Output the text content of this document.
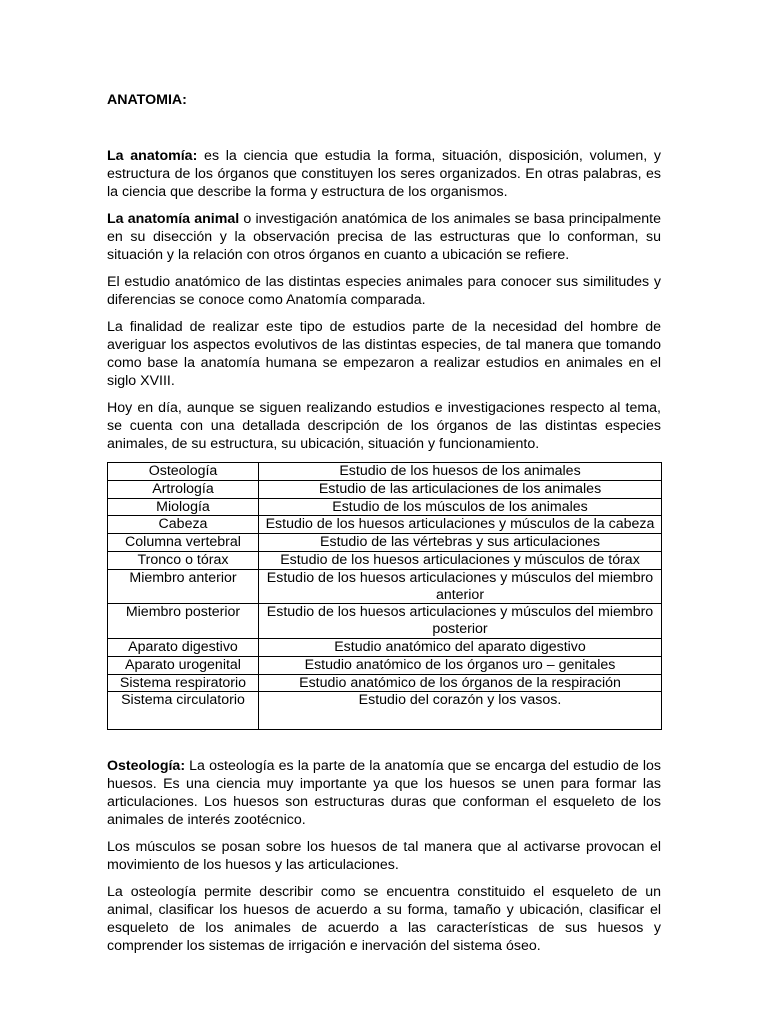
ANATOMIA:

La anatomía: es la ciencia que estudia la forma, situación, disposición, volumen, y estructura de los órganos que constituyen los seres organizados. En otras palabras, es la ciencia que describe la forma y estructura de los organismos.

La anatomía animal o investigación anatómica de los animales se basa principalmente en su disección y la observación precisa de las estructuras que lo conforman, su situación y la relación con otros órganos en cuanto a ubicación se refiere.

El estudio anatómico de las distintas especies animales para conocer sus similitudes y diferencias se conoce como Anatomía comparada.

La finalidad de realizar este tipo de estudios parte de la necesidad del hombre de averiguar los aspectos evolutivos de las distintas especies, de tal manera que tomando como base la anatomía humana se empezaron a realizar estudios en animales en el siglo XVIII.

Hoy en día, aunque se siguen realizando estudios e investigaciones respecto al tema, se cuenta con una detallada descripción de los órganos de las distintas especies animales, de su estructura, su ubicación, situación y funcionamiento.

Osteología	Estudio de los huesos de los animales
Artrología	Estudio de las articulaciones de los animales
Miología	Estudio de los músculos de los animales
Cabeza	Estudio de los huesos articulaciones y músculos de la cabeza
Columna vertebral	Estudio de las vértebras y sus articulaciones
Tronco o tórax	Estudio de los huesos articulaciones y músculos de tórax
Miembro anterior	Estudio de los huesos articulaciones y músculos del miembro anterior
Miembro posterior	Estudio de los huesos articulaciones y músculos del miembro posterior
Aparato digestivo	Estudio anatómico del aparato digestivo
Aparato urogenital	Estudio anatómico de los órganos uro – genitales
Sistema respiratorio	Estudio anatómico de los órganos de la respiración
Sistema circulatorio	Estudio del corazón y los vasos.

Osteología: La osteología es la parte de la anatomía que se encarga del estudio de los huesos. Es una ciencia muy importante ya que los huesos se unen para formar las articulaciones. Los huesos son estructuras duras que conforman el esqueleto de los animales de interés zootécnico.

Los músculos se posan sobre los huesos de tal manera que al activarse provocan el movimiento de los huesos y las articulaciones.

La osteología permite describir como se encuentra constituido el esqueleto de un animal, clasificar los huesos de acuerdo a su forma, tamaño y ubicación, clasificar el esqueleto de los animales de acuerdo a las características de sus huesos y comprender los sistemas de irrigación e inervación del sistema óseo.
